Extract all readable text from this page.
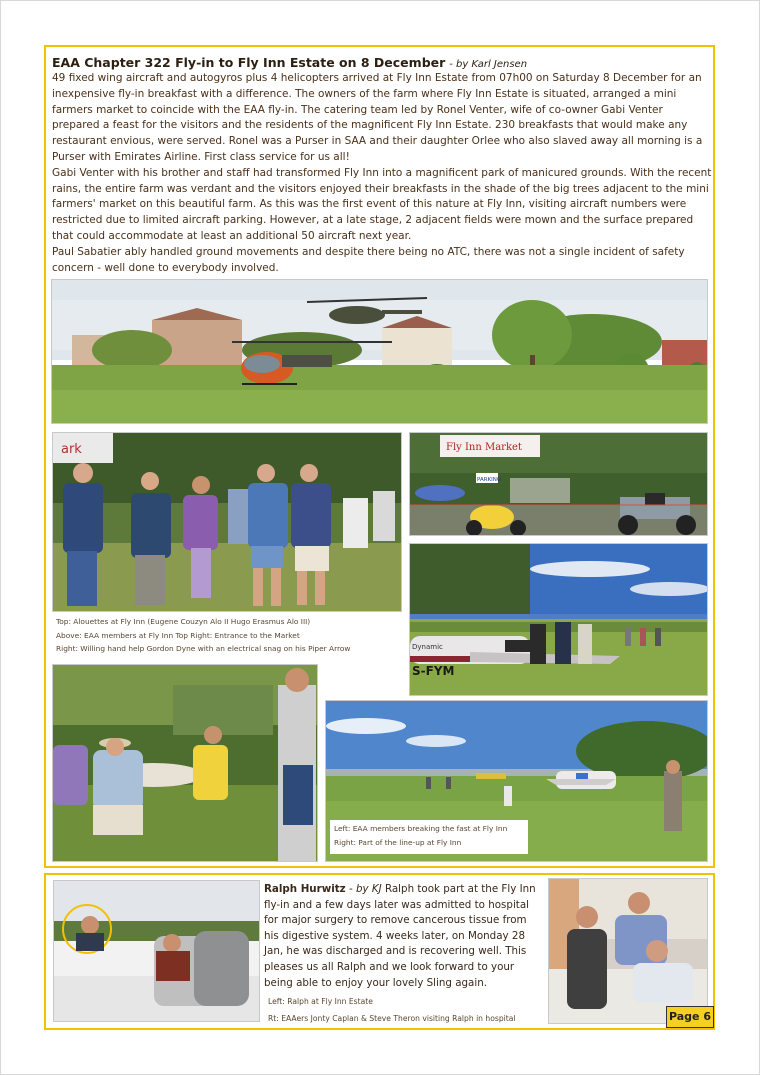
EAA Chapter 322 Fly-in to Fly Inn Estate on 8 December - by Karl Jensen

49 fixed wing aircraft and autogyros plus 4 helicopters arrived at Fly Inn Estate from 07h00 on Saturday 8 December for an inexpensive fly-in breakfast with a difference. The owners of the farm where Fly Inn Estate is situated, arranged a mini farmers market to coincide with the EAA fly-in. The catering team led by Ronel Venter, wife of co-owner Gabi Venter prepared a feast for the visitors and the residents of the magnificent Fly Inn Estate. 230 breakfasts that would make any restaurant envious, were served. Ronel was a Purser in SAA and their daughter Orlee who also slaved away all morning is a Purser with Emirates Airline. First class service for us all!

Gabi Venter with his brother and staff had transformed Fly Inn into a magnificent park of manicured grounds. With the recent rains, the entire farm was verdant and the visitors enjoyed their breakfasts in the shade of the big trees adjacent to the mini farmers' market on this beautiful farm. As this was the first event of this nature at Fly Inn, visiting aircraft numbers were restricted due to limited aircraft parking. However, at a late stage, 2 adjacent fields were mown and the surface prepared that could accommodate at least an additional 50 aircraft next year.

Paul Sabatier ably handled ground movements and despite there being no ATC, there was not a single incident of safety concern - well done to everybody involved.

ark
Top: Alouettes at Fly Inn (Eugene Couzyn Alo II Hugo Erasmus Alo III)
Above: EAA members at Fly Inn Top Right: Entrance to the Market
Right: Willing hand help Gordon Dyne with an electrical snag on his Piper Arrow
Fly Inn Market
PARKING
Dynamic
S-FYM
Left: EAA members breaking the fast at Fly Inn
Right: Part of the line-up at Fly Inn
Ralph Hurwitz - by KJ Ralph took part at the Fly Inn fly-in and a few days later was admitted to hospital for major surgery to remove cancerous tissue from his digestive system. 4 weeks later, on Monday 28 Jan, he was discharged and is recovering well. This pleases us all Ralph and we look forward to your being able to enjoy your lovely Sling again.
Left: Ralph at Fly Inn Estate
Rt: EAAers Jonty Caplan & Steve Theron visiting Ralph in hospital	Page 6
